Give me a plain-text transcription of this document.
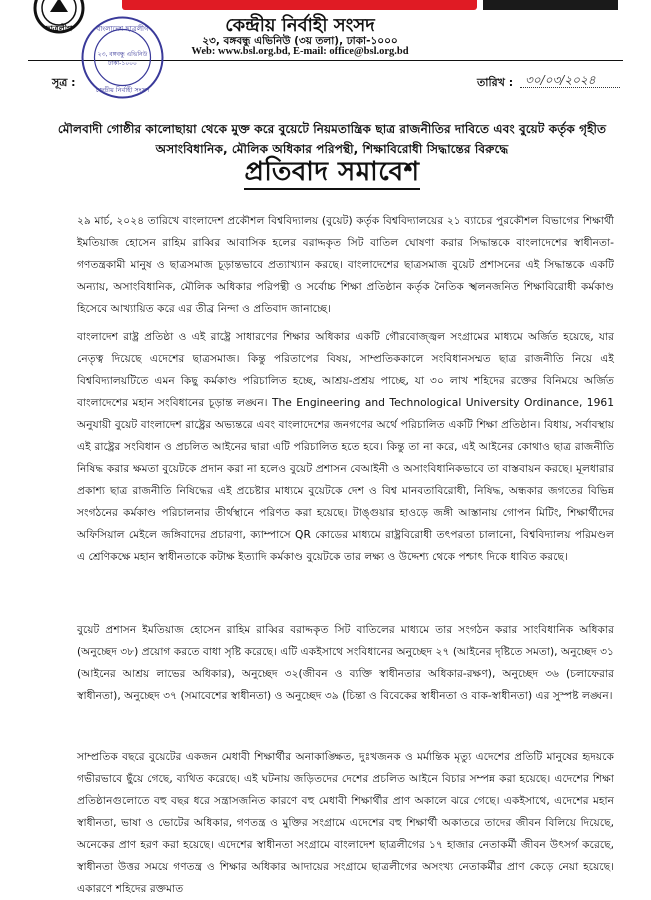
ছাত্রলীগ	কেন্দ্রীয় নির্বাহী সংসদ
২৩, বঙ্গবন্ধু এভিনিউ (৩য় তলা), ঢাকা-১০০০
Web: www.bsl.org.bd, E-mail: office@bsl.org.bd
বাংলাদেশ ছাত্রলীগ
২৩, বঙ্গবন্ধু এভিনিউ
ঢাকা-১০০০
কেন্দ্রীয় নির্বাহী সংসদ
সূত্র :	তারিখ : ৩০/০৩/২০২৪
মৌলবাদী গোষ্ঠীর কালোছায়া থেকে মুক্ত করে বুয়েটে নিয়মতান্ত্রিক ছাত্র রাজনীতির দাবিতে এবং বুয়েট কর্তৃক গৃহীত অসাংবিধানিক, মৌলিক অধিকার পরিপন্থী, শিক্ষাবিরোধী সিদ্ধান্তের বিরুদ্ধে
প্রতিবাদ সমাবেশ

২৯ মার্চ, ২০২৪ তারিখে বাংলাদেশ প্রকৌশল বিশ্ববিদ্যালয় (বুয়েট) কর্তৃক বিশ্ববিদ্যালয়ের ২১ ব্যাচের পুরকৌশল বিভাগের শিক্ষার্থী ইমতিয়াজ হোসেন রাহিম রাব্বির আবাসিক হলের বরাদ্দকৃত সিট বাতিল ঘোষণা করার সিদ্ধান্তকে বাংলাদেশের স্বাধীনতা-গণতন্ত্রকামী মানুষ ও ছাত্রসমাজ চূড়ান্তভাবে প্রত্যাখ্যান করছে। বাংলাদেশের ছাত্রসমাজ বুয়েট প্রশাসনের এই সিদ্ধান্তকে একটি অন্যায়, অসাংবিধানিক, মৌলিক অধিকার পরিপন্থী ও সর্বোচ্চ শিক্ষা প্রতিষ্ঠান কর্তৃক নৈতিক স্খলনজনিত শিক্ষাবিরোধী কর্মকাণ্ড হিসেবে আখ্যায়িত করে এর তীব্র নিন্দা ও প্রতিবাদ জানাচ্ছে।

বাংলাদেশ রাষ্ট্র প্রতিষ্ঠা ও এই রাষ্ট্রে সাধারণের শিক্ষার অধিকার একটি গৌরবোজ্জ্বল সংগ্রামের মাধ্যমে অর্জিত হয়েছে, যার নেতৃত্ব দিয়েছে এদেশের ছাত্রসমাজ। কিন্তু পরিতাপের বিষয়, সাম্প্রতিককালে সংবিধানসম্মত ছাত্র রাজনীতি নিয়ে এই বিশ্ববিদ্যালয়টিতে এমন কিছু কর্মকাণ্ড পরিচালিত হচ্ছে, আশ্রয়-প্রশ্রয় পাচ্ছে, যা ৩০ লাখ শহিদের রক্তের বিনিময়ে অর্জিত বাংলাদেশের মহান সংবিধানের চূড়ান্ত লঙ্ঘন। The Engineering and Technological University Ordinance, 1961 অনুযায়ী বুয়েট বাংলাদেশ রাষ্ট্রের অভ্যন্তরে এবং বাংলাদেশের জনগণের অর্থে পরিচালিত একটি শিক্ষা প্রতিষ্ঠান। বিধায়, সর্বাবস্থায় এই রাষ্ট্রের সংবিধান ও প্রচলিত আইনের দ্বারা এটি পরিচালিত হতে হবে। কিন্তু তা না করে, এই আইনের কোথাও ছাত্র রাজনীতি নিষিদ্ধ করার ক্ষমতা বুয়েটকে প্রদান করা না হলেও বুয়েট প্রশাসন বেআইনী ও অসাংবিধানিকভাবে তা বাস্তবায়ন করছে। মূলধারার প্রকাশ্য ছাত্র রাজনীতি নিষিদ্ধের এই প্রচেষ্টার মাধ্যমে বুয়েটকে দেশ ও বিশ্ব মানবতাবিরোধী, নিষিদ্ধ, অন্ধকার জগতের বিভিন্ন সংগঠনের কর্মকাণ্ড পরিচালনার তীর্থস্থানে পরিণত করা হয়েছে। টাঙ্গুয়ার হাওড়ে জঙ্গী আস্তানায় গোপন মিটিং, শিক্ষার্থীদের অফিসিয়াল মেইলে জঙ্গিবাদের প্রচারণা, ক্যাম্পাসে QR কোডের মাধ্যমে রাষ্ট্রবিরোধী তৎপরতা চালানো, বিশ্ববিদ্যালয় পরিমণ্ডল এ শ্রেণিকক্ষে মহান স্বাধীনতাকে কটাক্ষ ইত্যাদি কর্মকাণ্ড বুয়েটকে তার লক্ষ্য ও উদ্দেশ্য থেকে পশ্চাৎ দিকে ধাবিত করছে।

বুয়েট প্রশাসন ইমতিয়াজ হোসেন রাহিম রাব্বির বরাদ্দকৃত সিট বাতিলের মাধ্যমে তার সংগঠন করার সাংবিধানিক অধিকার (অনুচ্ছেদ ৩৮) প্রয়োগ করতে বাধা সৃষ্টি করেছে। এটি একইসাথে সংবিধানের অনুচ্ছেদ ২৭ (আইনের দৃষ্টিতে সমতা), অনুচ্ছেদ ৩১ (আইনের আশ্রয় লাভের অধিকার), অনুচ্ছেদ ৩২(জীবন ও ব্যক্তি স্বাধীনতার অধিকার-রক্ষণ), অনুচ্ছেদ ৩৬ (চলাফেরার স্বাধীনতা), অনুচ্ছেদ ৩৭ (সমাবেশের স্বাধীনতা) ও অনুচ্ছেদ ৩৯ (চিন্তা ও বিবেকের স্বাধীনতা ও বাক-স্বাধীনতা) এর সুস্পষ্ট লঙ্ঘন।

সাম্প্রতিক বছরে বুয়েটের একজন মেধাবী শিক্ষার্থীর অনাকাঙ্ক্ষিত, দুঃখজনক ও মর্মান্তিক মৃত্যু এদেশের প্রতিটি মানুষের হৃদয়কে গভীরভাবে ছুঁয়ে গেছে, ব্যথিত করেছে। এই ঘটনায় জড়িতদের দেশের প্রচলিত আইনে বিচার সম্পন্ন করা হয়েছে। এদেশের শিক্ষা প্রতিষ্ঠানগুলোতে বহু বছর ধরে সন্ত্রাসজনিত কারণে বহু মেধাবী শিক্ষার্থীর প্রাণ অকালে ঝরে গেছে। একইসাথে, এদেশের মহান স্বাধীনতা, ভাষা ও ভোটের অধিকার, গণতন্ত্র ও মুক্তির সংগ্রামে এদেশের বহু শিক্ষার্থী অকাতরে তাদের জীবন বিলিয়ে দিয়েছে, অনেকের প্রাণ হরণ করা হয়েছে। এদেশের স্বাধীনতা সংগ্রামে বাংলাদেশ ছাত্রলীগের ১৭ হাজার নেতাকর্মী জীবন উৎসর্গ করেছে, স্বাধীনতা উত্তর সময়ে গণতন্ত্র ও শিক্ষার অধিকার আদায়ের সংগ্রামে ছাত্রলীগের অসংখ্য নেতাকর্মীর প্রাণ কেড়ে নেয়া হয়েছে। একারণে শহিদের রক্তমাত
